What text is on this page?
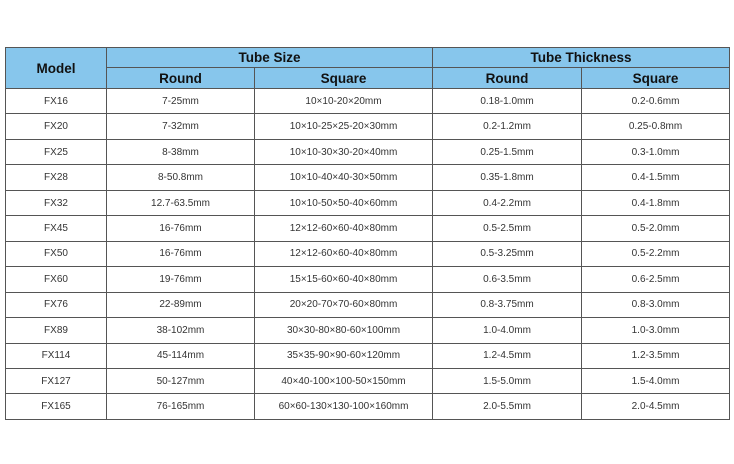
Model	Tube Size		Tube Thickness	
	Round	Square	Round	Square
FX16	7-25mm	10×10-20×20mm	0.18-1.0mm	0.2-0.6mm
FX20	7-32mm	10×10-25×25-20×30mm	0.2-1.2mm	0.25-0.8mm
FX25	8-38mm	10×10-30×30-20×40mm	0.25-1.5mm	0.3-1.0mm
FX28	8-50.8mm	10×10-40×40-30×50mm	0.35-1.8mm	0.4-1.5mm
FX32	12.7-63.5mm	10×10-50×50-40×60mm	0.4-2.2mm	0.4-1.8mm
FX45	16-76mm	12×12-60×60-40×80mm	0.5-2.5mm	0.5-2.0mm
FX50	16-76mm	12×12-60×60-40×80mm	0.5-3.25mm	0.5-2.2mm
FX60	19-76mm	15×15-60×60-40×80mm	0.6-3.5mm	0.6-2.5mm
FX76	22-89mm	20×20-70×70-60×80mm	0.8-3.75mm	0.8-3.0mm
FX89	38-102mm	30×30-80×80-60×100mm	1.0-4.0mm	1.0-3.0mm
FX114	45-114mm	35×35-90×90-60×120mm	1.2-4.5mm	1.2-3.5mm
FX127	50-127mm	40×40-100×100-50×150mm	1.5-5.0mm	1.5-4.0mm
FX165	76-165mm	60×60-130×130-100×160mm	2.0-5.5mm	2.0-4.5mm
